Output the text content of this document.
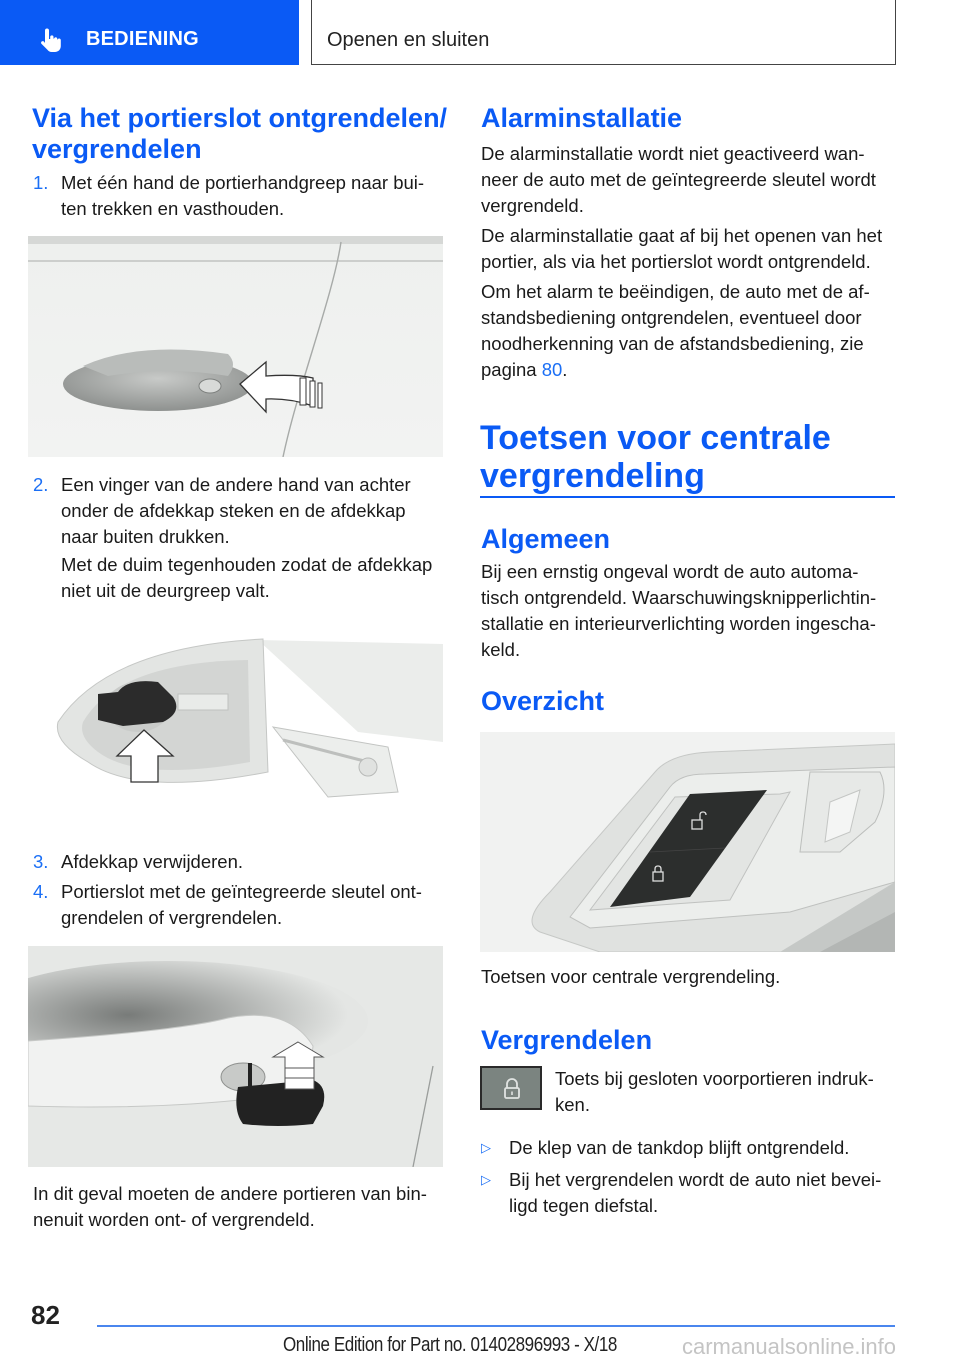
BEDIENING	Openen en sluiten
Via het portierslot ontgrendelen/
vergrendelen
1. Met één hand de portierhandgreep naar bui-
ten trekken en vasthouden.

2. Een vinger van de andere hand van achter
onder de afdekkap steken en de afdekkap
naar buiten drukken.

Met de duim tegenhouden zodat de afdekkap
niet uit de deurgreep valt.

3. Afdekkap verwijderen.

4. Portierslot met de geïntegreerde sleutel ont-
grendelen of vergrendelen.

In dit geval moeten de andere portieren van bin-
nenuit worden ont- of vergrendeld.

Alarminstallatie

De alarminstallatie wordt niet geactiveerd wan-
neer de auto met de geïntegreerde sleutel wordt
vergrendeld.

De alarminstallatie gaat af bij het openen van het
portier, als via het portierslot wordt ontgrendeld.

Om het alarm te beëindigen, de auto met de af-
standsbediening ontgrendelen, eventueel door
noodherkenning van de afstandsbediening, zie
pagina 80.

Toetsen voor centrale
vergrendeling
Algemeen

Bij een ernstig ongeval wordt de auto automa-
tisch ontgrendeld. Waarschuwingsknipperlichtin-
stallatie en interieurverlichting worden ingescha-
keld.

Overzicht

Toetsen voor centrale vergrendeling.

Vergrendelen

Toets bij gesloten voorportieren indruk-
ken.

▷ De klep van de tankdop blijft ontgrendeld.

▷ Bij het vergrendelen wordt de auto niet bevei-
ligd tegen diefstal.

82
Online Edition for Part no. 01402896993 - X/18	carmanualsonline.info
